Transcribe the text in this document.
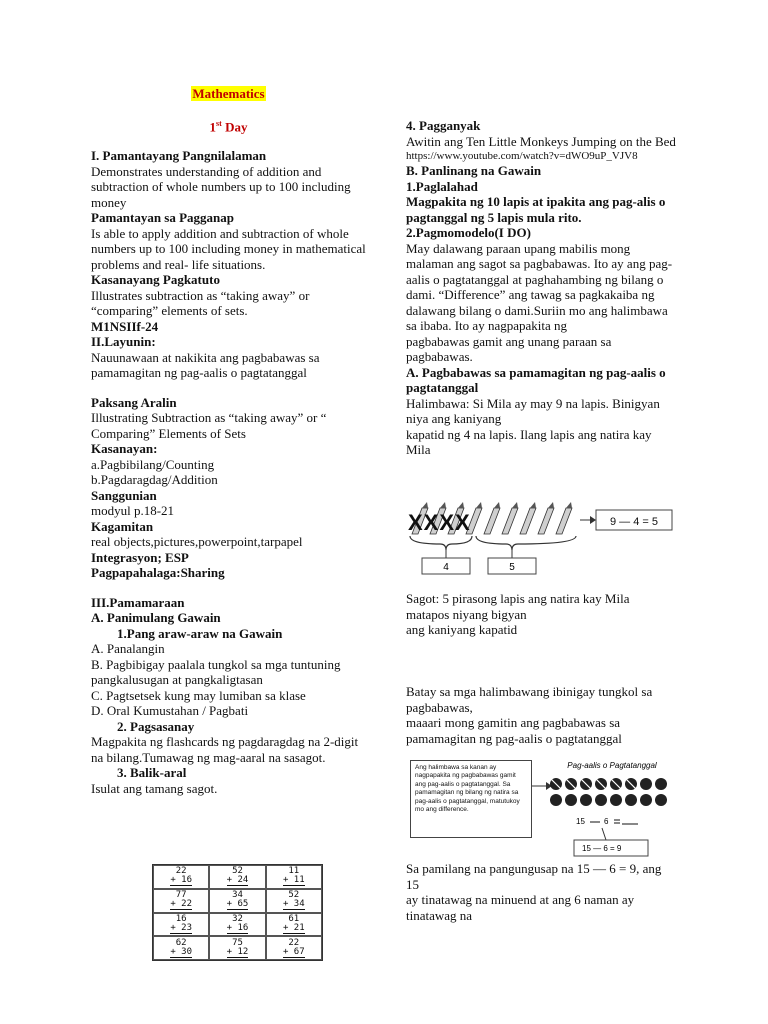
Mathematics
1st Day
I. Pamantayang Pangnilalaman
Demonstrates understanding of addition and subtraction of whole numbers up to 100 including money
Pamantayan sa Pagganap
Is able to apply addition and subtraction of whole numbers up to 100 including money in mathematical problems and real- life situations.
Kasanayang Pagkatuto
Illustrates subtraction as “taking away” or “comparing” elements of sets.
M1NSIIf-24
II.Layunin:
Nauunawaan at nakikita ang pagbabawas sa pamamagitan ng pag-aalis o pagtatanggal
Paksang Aralin
Illustrating Subtraction as “taking away” or “ Comparing” Elements of Sets
Kasanayan:
a.Pagbibilang/Counting
b.Pagdaragdag/Addition
Sanggunian
modyul p.18-21
Kagamitan
real objects,pictures,powerpoint,tarpapel
Integrasyon; ESP
Pagpapahalaga:Sharing
III.Pamamaraan
A. Panimulang Gawain
1.Pang araw-araw na Gawain
A. Panalangin
B. Pagbibigay paalala tungkol sa mga tuntuning pangkalusugan at pangkaligtasan
C. Pagtsetsek kung may lumiban sa klase
D. Oral Kumustahan / Pagbati
2. Pagsasanay
Magpakita ng flashcards ng pagdaragdag na 2-digit na bilang.Tumawag ng mag-aaral na sasagot.
3. Balik-aral
Isulat ang tamang sagot.
22
+ 16
52
+ 24
11
+ 11
77
+ 22
34
+ 65
52
+ 34
16
+ 23
32
+ 16
61
+ 21
62
+ 30
75
+ 12
22
+ 67
4. Pagganyak
Awitin ang Ten Little Monkeys Jumping on the Bed
https://www.youtube.com/watch?v=dWO9uP_VJV8
B. Panlinang na Gawain
1.Paglalahad
Magpakita ng 10 lapis at ipakita ang pag-alis o pagtanggal ng 5 lapis mula rito.
2.Pagmomodelo(I DO)
May dalawang paraan upang mabilis mong malaman ang sagot sa pagbabawas. Ito ay ang pag-aalis o pagtatanggal at paghahambing ng bilang o dami. “Difference” ang tawag sa pagkakaiba ng dalawang bilang o dami.Suriin mo ang halimbawa sa ibaba. Ito ay nagpapakita ng
pagbabawas gamit ang unang paraan sa pagbabawas.
A. Pagbabawas sa pamamagitan ng pag-aalis o pagtatanggal
Halimbawa: Si Mila ay may 9 na lapis. Binigyan niya ang kaniyang
kapatid ng 4 na lapis. Ilang lapis ang natira kay Mila
XXXX	9 — 4 = 5
4	5
Sagot: 5 pirasong lapis ang natira kay Mila matapos niyang bigyan
ang kaniyang kapatid
Batay sa mga halimbawang ibinigay tungkol sa pagbabawas,
maaari mong gamitin ang pagbabawas sa pamamagitan ng pag-aalis o pagtatanggal
Ang halimbawa sa kanan ay nagpapakita ng pagbabawas gamit ang pag-aalis o pagtatanggal. Sa pamamagitan ng bilang ng natira sa pag-aalis o pagtatanggal, matutukoy mo ang difference.
Pag-aalis o Pagtatanggal
15 6
15 — 6 = 9
Sa pamilang na pangungusap na 15 — 6 = 9, ang 15
ay tinatawag na minuend at ang 6 naman ay tinatawag na
